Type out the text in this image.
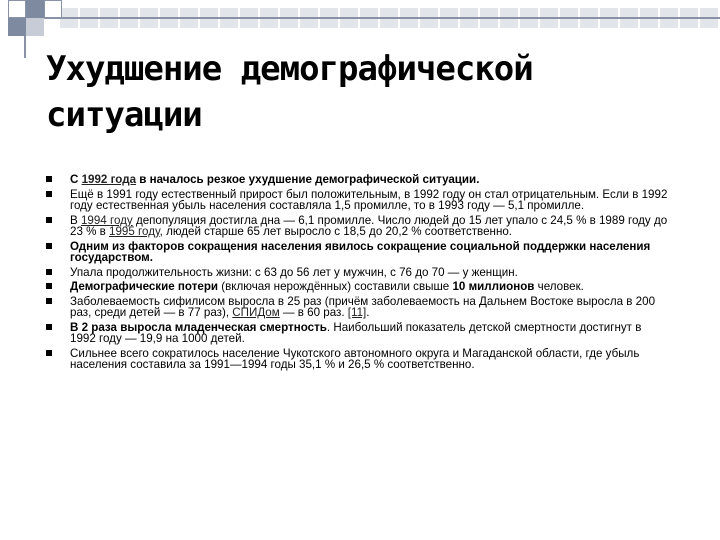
Ухудшение демографической ситуации
С 1992 года в началось резкое ухудшение демографической ситуации.
Ещё в 1991 году естественный прирост был положительным, в 1992 году он стал отрицательным. Если в 1992 году естественная убыль населения составляла 1,5 промилле, то в 1993 году — 5,1 промилле.
В 1994 году депопуляция достигла дна — 6,1 промилле. Число людей до 15 лет упало с 24,5 % в 1989 году до 23 % в 1995 году, людей старше 65 лет выросло с 18,5 до 20,2 % соответственно.
Одним из факторов сокращения населения явилось сокращение социальной поддержки населения государством.
Упала продолжительность жизни: с 63 до 56 лет у мужчин, с 76 до 70 — у женщин.
Демографические потери (включая нерождённых) составили свыше 10 миллионов человек.
Заболеваемость сифилисом выросла в 25 раз (причём заболеваемость на Дальнем Востоке выросла в 200 раз, среди детей — в 77 раз), СПИДом — в 60 раз. [11].
В 2 раза выросла младенческая смертность. Наибольший показатель детской смертности достигнут в 1992 году — 19,9 на 1000 детей.
Сильнее всего сократилось население Чукотского автономного округа и Магаданской области, где убыль населения составила за 1991—1994 годы 35,1 % и 26,5 % соответственно.
